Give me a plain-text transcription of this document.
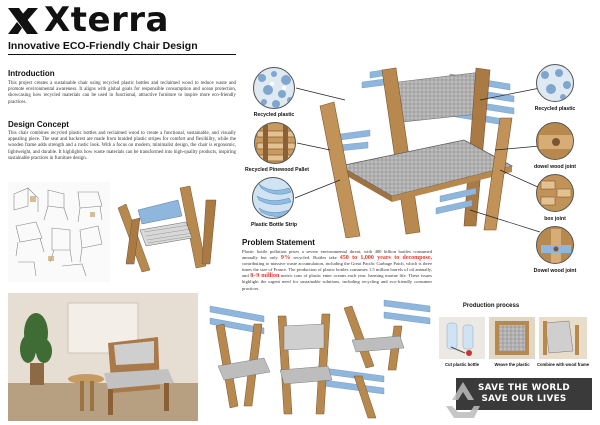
Xterra
Innovative ECO-Friendly Chair Design
Introduction
This project creates a sustainable chair using recycled plastic bottles and reclaimed wood to reduce waste and promote environmental awareness. It aligns with global goals for responsible consumption and ocean protection, showcasing how recycled materials can be used in functional, attractive furniture to inspire more eco-friendly practices.
Design Concept
This chair combines recycled plastic bottles and reclaimed wood to create a functional, sustainable, and visually appealing piece. The seat and backrest are made from braided plastic stripes for comfort and flexibility, while the wooden frame adds strength and a rustic look. With a focus on modern, minimalist design, the chair is ergonomic, lightweight, and durable. It highlights how waste materials can be transformed into high-quality products, inspiring sustainable practices in furniture design.
Recycled plastic
Recycled Pinewood Pallet
Plastic Bottle Strip
Recycled plastic
dowel wood joint
box joint
Dowel wood joint
Problem Statement
Plastic bottle pollution poses a severe environmental threat, with 480 billion bottles consumed annually but only 9% recycled. Bottles take 450 to 1,000 years to decompose, contributing to massive waste accumulation, including the Great Pacific Garbage Patch, which is three times the size of France. The production of plastic bottles consumes 1.5 million barrels of oil annually, and 8–9 million metric tons of plastic enter oceans each year, harming marine life. These issues highlight the urgent need for sustainable solutions, including recycling and eco-friendly consumer practices.
Production process
Cut plastic bottle	Weave the plastic	Combine with wood frame
SAVE THE WORLD
SAVE OUR LIVES
